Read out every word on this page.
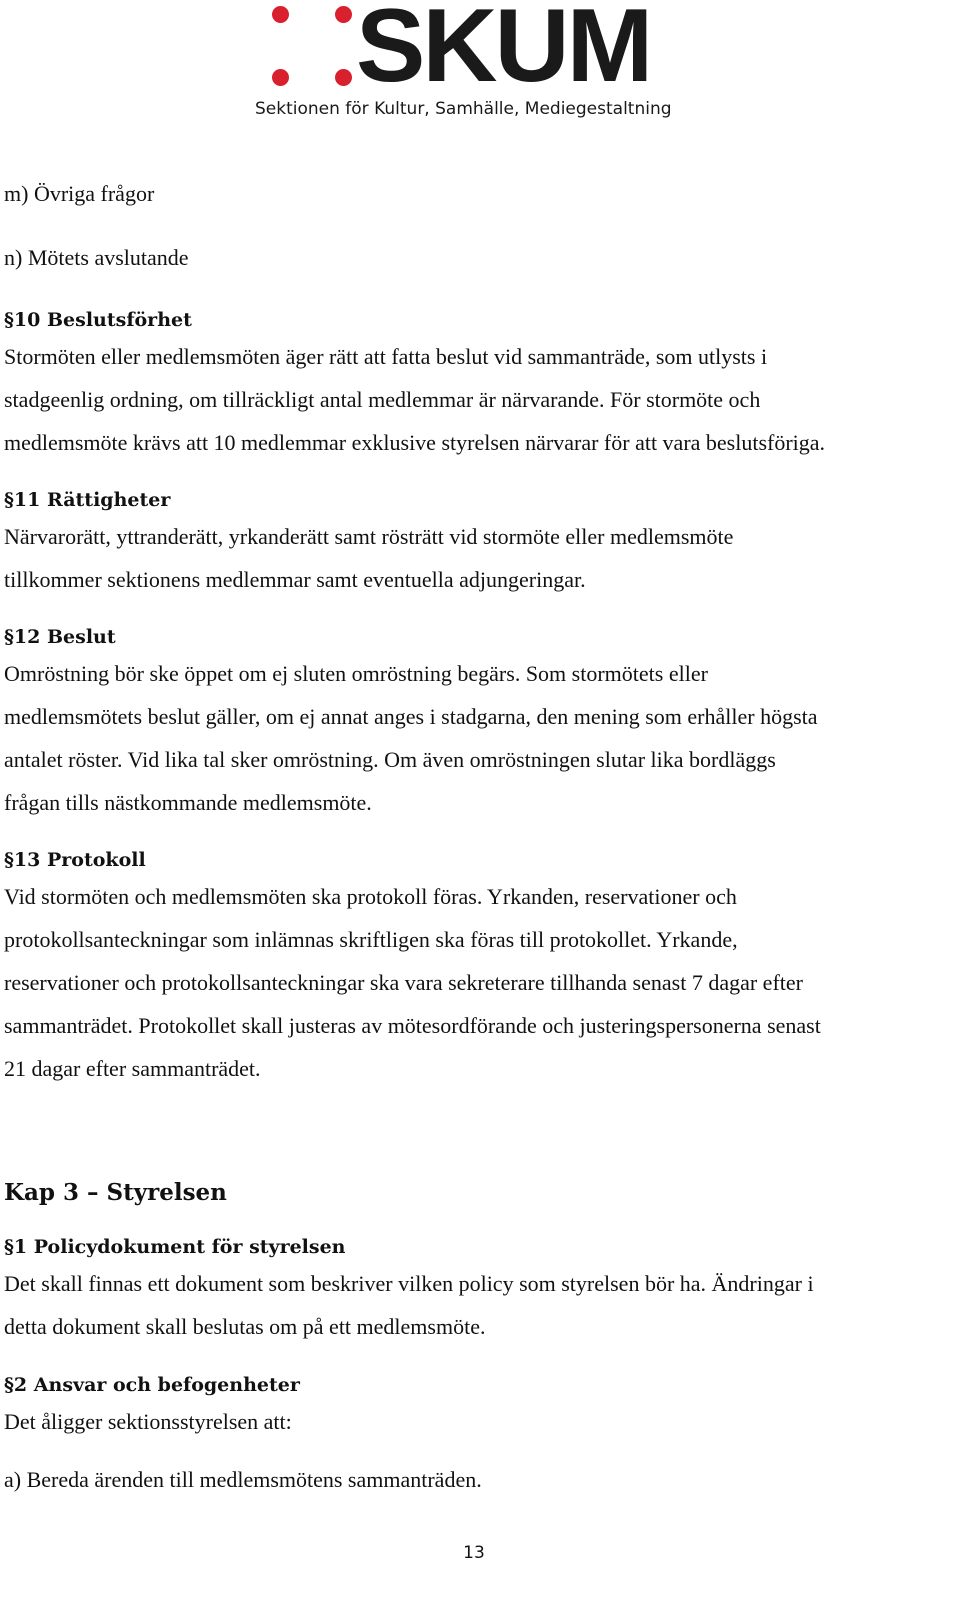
SKUM
Sektionen för Kultur, Samhälle, Mediegestaltning

m) Övriga frågor

n) Mötets avslutande

§10 Beslutsförhet

Stormöten eller medlemsmöten äger rätt att fatta beslut vid sammanträde, som utlysts i

stadgeenlig ordning, om tillräckligt antal medlemmar är närvarande. För stormöte och

medlemsmöte krävs att 10 medlemmar exklusive styrelsen närvarar för att vara beslutsföriga.

§11 Rättigheter

Närvarorätt, yttranderätt, yrkanderätt samt rösträtt vid stormöte eller medlemsmöte

tillkommer sektionens medlemmar samt eventuella adjungeringar.

§12 Beslut

Omröstning bör ske öppet om ej sluten omröstning begärs. Som stormötets eller

medlemsmötets beslut gäller, om ej annat anges i stadgarna, den mening som erhåller högsta

antalet röster. Vid lika tal sker omröstning. Om även omröstningen slutar lika bordläggs

frågan tills nästkommande medlemsmöte.

§13 Protokoll

Vid stormöten och medlemsmöten ska protokoll föras. Yrkanden, reservationer och

protokollsanteckningar som inlämnas skriftligen ska föras till protokollet. Yrkande,

reservationer och protokollsanteckningar ska vara sekreterare tillhanda senast 7 dagar efter

sammanträdet. Protokollet skall justeras av mötesordförande och justeringspersonerna senast

21 dagar efter sammanträdet.

Kap 3 – Styrelsen

§1 Policydokument för styrelsen

Det skall finnas ett dokument som beskriver vilken policy som styrelsen bör ha. Ändringar i

detta dokument skall beslutas om på ett medlemsmöte.

§2 Ansvar och befogenheter

Det åligger sektionsstyrelsen att:

a) Bereda ärenden till medlemsmötens sammanträden.

13
